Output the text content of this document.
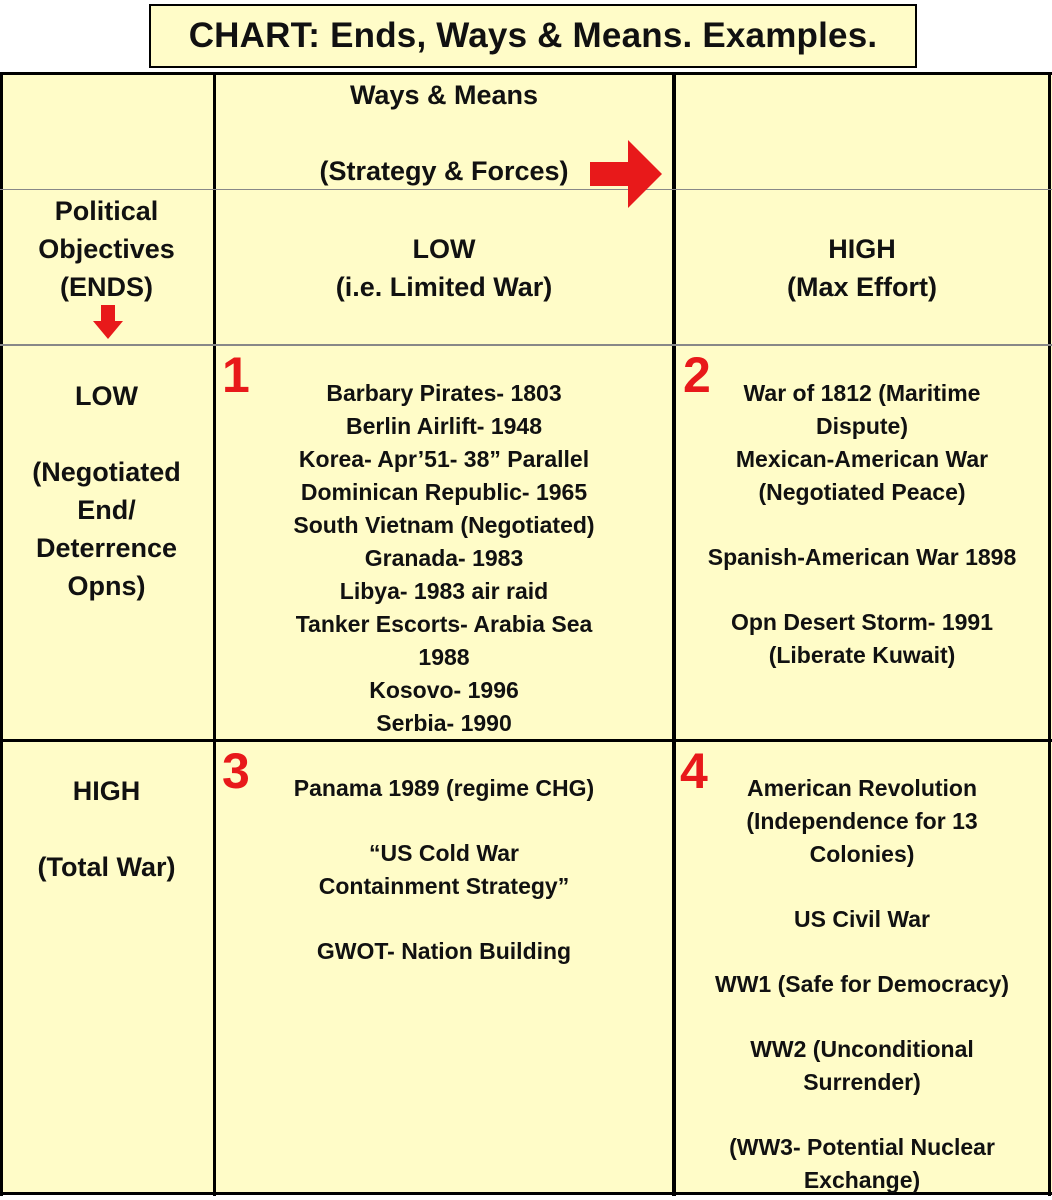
CHART: Ends, Ways & Means. Examples.
Ways & Means
(Strategy & Forces)
Political
Objectives
(ENDS)
LOW
(i.e. Limited War)
HIGH
(Max Effort)
LOW
(Negotiated
End/
Deterrence
Opns)
HIGH
(Total War)
1	2
3	4
Barbary Pirates- 1803
Berlin Airlift- 1948
Korea- Apr’51- 38” Parallel
Dominican Republic- 1965
South Vietnam (Negotiated)
Granada- 1983
Libya- 1983 air raid
Tanker Escorts- Arabia Sea
1988
Kosovo- 1996
Serbia- 1990
War of 1812 (Maritime
Dispute)
Mexican-American War
(Negotiated Peace)
Spanish-American War 1898
Opn Desert Storm- 1991
(Liberate Kuwait)
Panama 1989 (regime CHG)
“US Cold War
Containment Strategy”
GWOT- Nation Building
American Revolution
(Independence for 13
Colonies)
US Civil War
WW1 (Safe for Democracy)
WW2 (Unconditional
Surrender)
(WW3- Potential Nuclear
Exchange)
